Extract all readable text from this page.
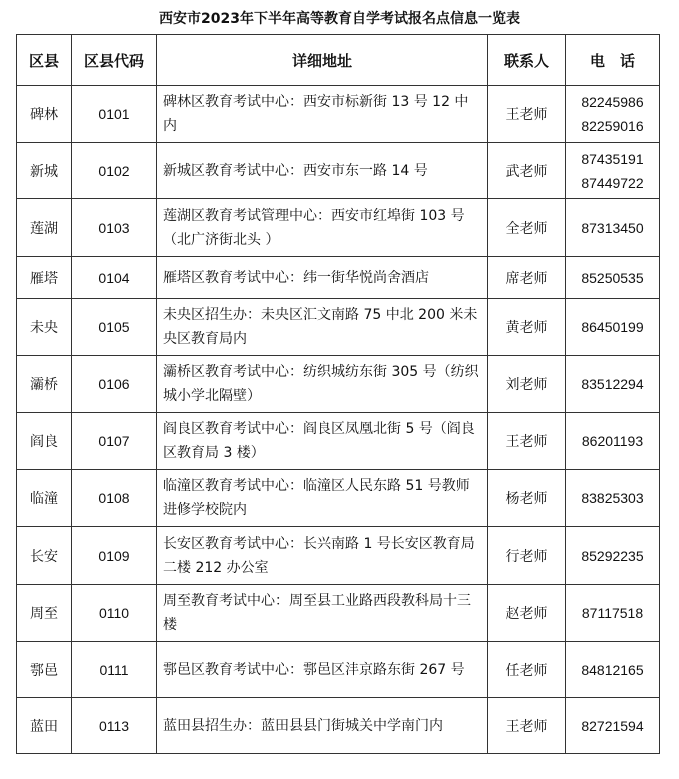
西安市2023年下半年高等教育自学考试报名点信息一览表
区县	区县代码	详细地址	联系人	电　话
碑林	0101	碑林区教育考试中心：西安市标新街 13 号 12 中内	王老师	82245986
82259016

新城	0102	新城区教育考试中心：西安市东一路 14 号	武老师	87435191
87449722

莲湖	0103	莲湖区教育考试管理中心：西安市红埠街 103 号（北广济街北头 ）	全老师	87313450

雁塔	0104	雁塔区教育考试中心：纬一街华悦尚舍酒店	席老师	85250535

未央	0105	未央区招生办：未央区汇文南路 75 中北 200 米未央区教育局内	黄老师	86450199

灞桥	0106	灞桥区教育考试中心：纺织城纺东街 305 号（纺织城小学北隔壁）	刘老师	83512294

阎良	0107	阎良区教育考试中心：阎良区凤凰北街 5 号（阎良区教育局 3 楼）	王老师	86201193

临潼	0108	临潼区教育考试中心：临潼区人民东路 51 号教师进修学校院内	杨老师	83825303

长安	0109	长安区教育考试中心：长兴南路 1 号长安区教育局二楼 212 办公室	行老师	85292235

周至	0110	周至教育考试中心：周至县工业路西段教科局十三楼	赵老师	87117518

鄠邑	0111	鄠邑区教育考试中心：鄠邑区沣京路东街 267 号	任老师	84812165

蓝田	0113	蓝田县招生办：蓝田县县门街城关中学南门内	王老师	82721594
